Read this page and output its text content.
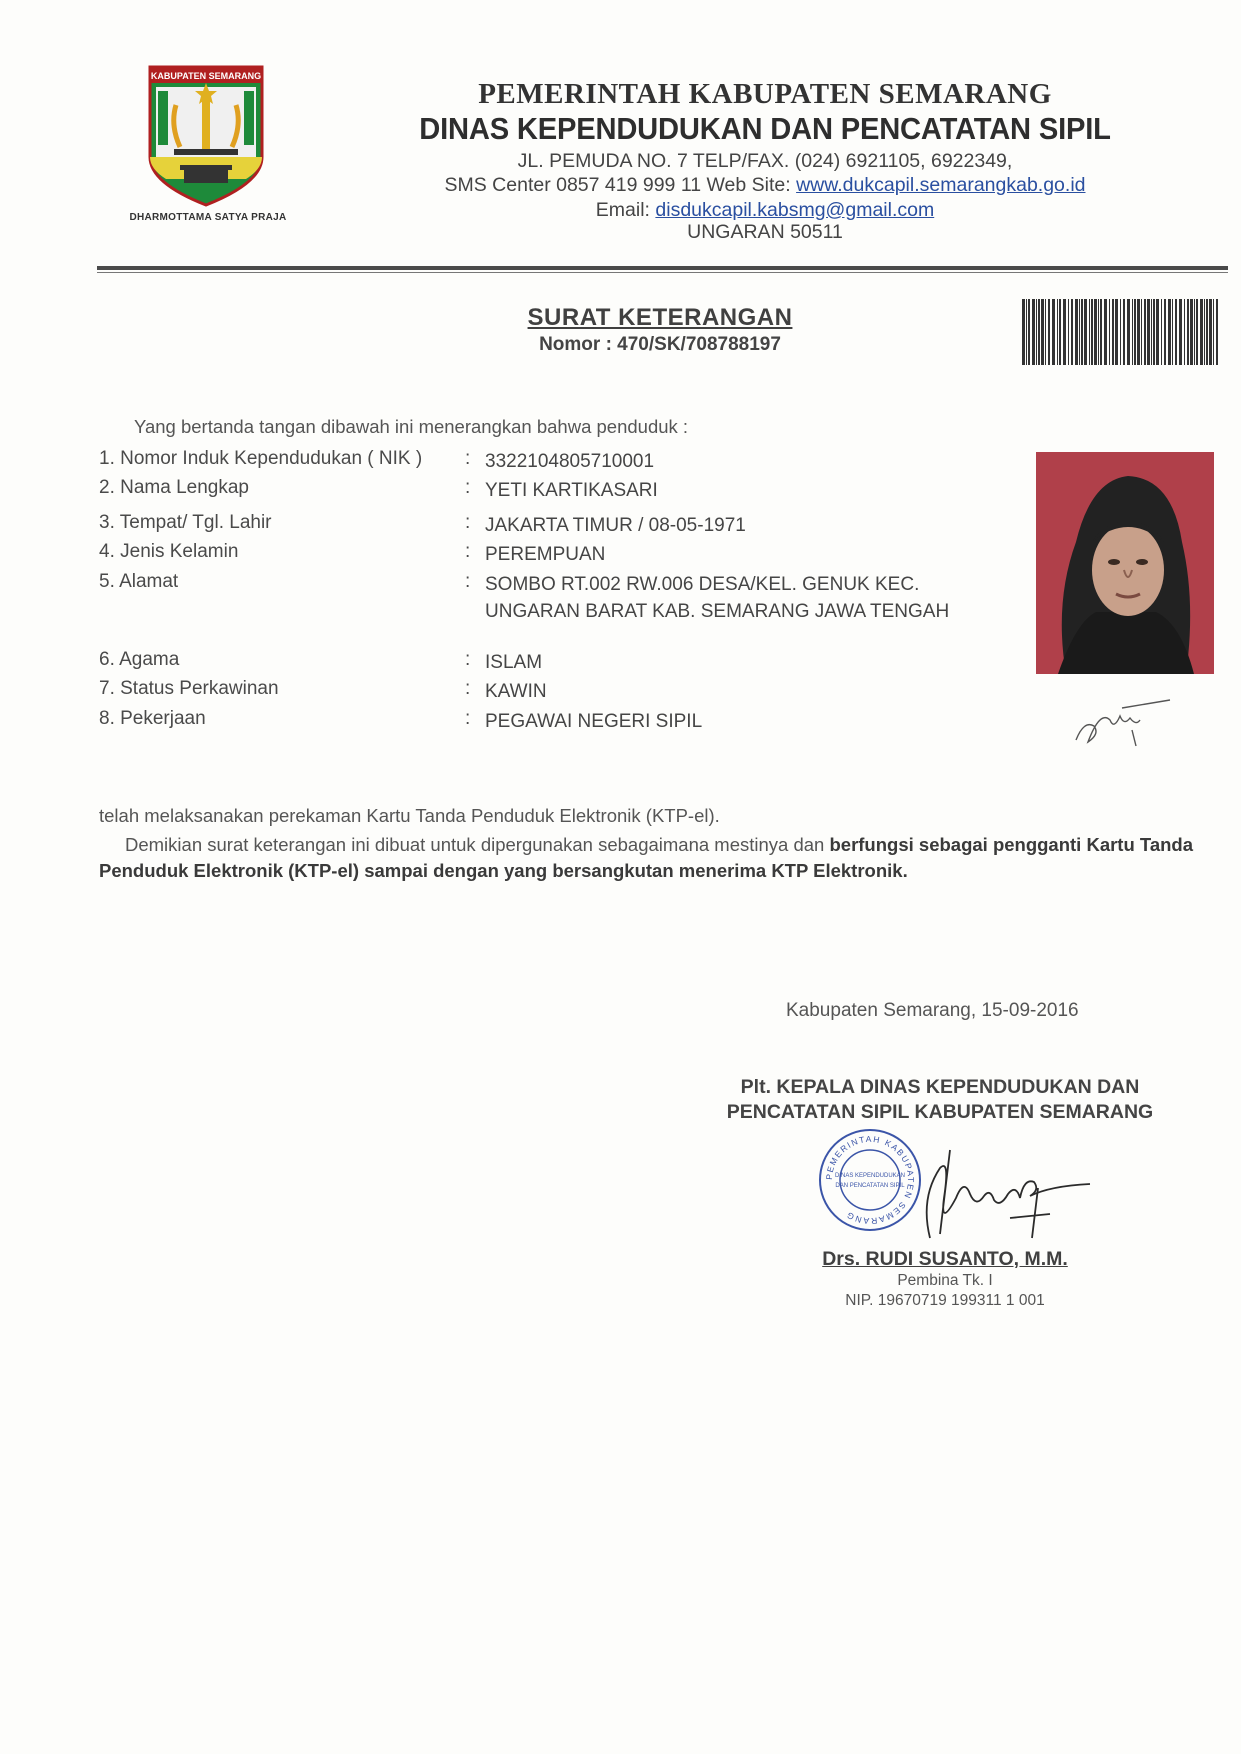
KABUPATEN SEMARANG
DHARMOTTAMA SATYA PRAJA
PEMERINTAH KABUPATEN SEMARANG
DINAS KEPENDUDUKAN DAN PENCATATAN SIPIL
JL. PEMUDA NO. 7 TELP/FAX. (024) 6921105, 6922349,
SMS Center 0857 419 999 11 Web Site: www.dukcapil.semarangkab.go.id
Email: disdukcapil.kabsmg@gmail.com
UNGARAN 50511
SURAT KETERANGAN
Nomor : 470/SK/708788197
Yang bertanda tangan dibawah ini menerangkan bahwa penduduk :
1. Nomor Induk Kependudukan ( NIK ) : 3322104805710001
2. Nama Lengkap	: YETI KARTIKASARI
3. Tempat/ Tgl. Lahir	: JAKARTA TIMUR / 08-05-1971
4. Jenis Kelamin	: PEREMPUAN
5. Alamat	: SOMBO RT.002 RW.006 DESA/KEL. GENUK KEC.
UNGARAN BARAT KAB. SEMARANG JAWA TENGAH
6. Agama	: ISLAM
7. Status Perkawinan	: KAWIN
8. Pekerjaan	: PEGAWAI NEGERI SIPIL
telah melaksanakan perekaman Kartu Tanda Penduduk Elektronik (KTP-el).
Demikian surat keterangan ini dibuat untuk dipergunakan sebagaimana mestinya dan berfungsi sebagai pengganti Kartu Tanda Penduduk Elektronik (KTP-el) sampai dengan yang bersangkutan menerima KTP Elektronik.
Kabupaten Semarang, 15-09-2016
Plt. KEPALA DINAS KEPENDUDUKAN DAN
PENCATATAN SIPIL KABUPATEN SEMARANG
PEMERINTAH KABUPATEN SEMARANG
DINAS KEPENDUDUKAN
DAN PENCATATAN SIPIL
Drs. RUDI SUSANTO, M.M.
Pembina Tk. I
NIP. 19670719 199311 1 001
